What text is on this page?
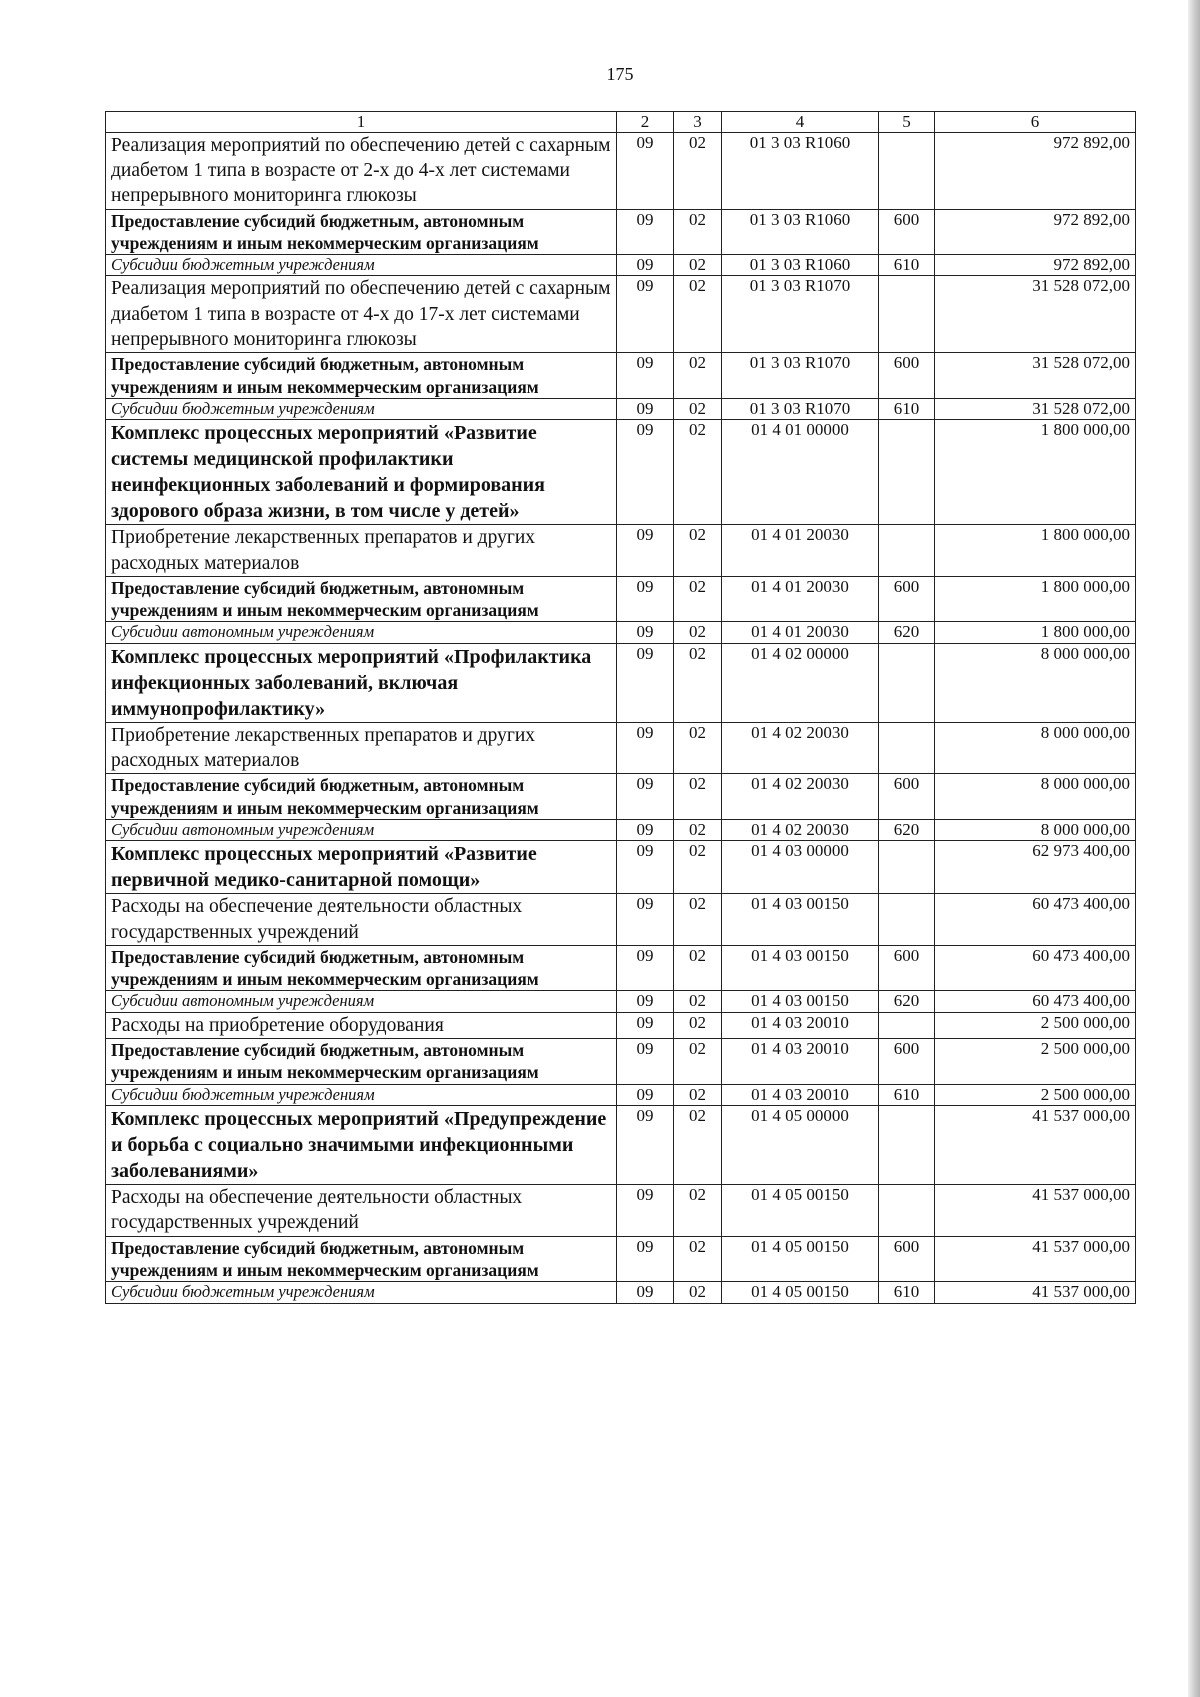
175
1	2	3	4	5	6
Реализация мероприятий по обеспечению детей с сахарным диабетом 1 типа в возрасте от 2-х до 4-х лет системами непрерывного мониторинга глюкозы	09	02	01 3 03 R1060		972 892,00
Предоставление субсидий бюджетным, автономным учреждениям и иным некоммерческим организациям	09	02	01 3 03 R1060	600	972 892,00
Субсидии бюджетным учреждениям	09	02	01 3 03 R1060	610	972 892,00
Реализация мероприятий по обеспечению детей с сахарным диабетом 1 типа в возрасте от 4-х до 17-х лет системами непрерывного мониторинга глюкозы	09	02	01 3 03 R1070		31 528 072,00
Предоставление субсидий бюджетным, автономным учреждениям и иным некоммерческим организациям	09	02	01 3 03 R1070	600	31 528 072,00
Субсидии бюджетным учреждениям	09	02	01 3 03 R1070	610	31 528 072,00
Комплекс процессных мероприятий «Развитие системы медицинской профилактики неинфекционных заболеваний и формирования здорового образа жизни, в том числе у детей»	09	02	01 4 01 00000		1 800 000,00
Приобретение лекарственных препаратов и других расходных материалов	09	02	01 4 01 20030		1 800 000,00
Предоставление субсидий бюджетным, автономным учреждениям и иным некоммерческим организациям	09	02	01 4 01 20030	600	1 800 000,00
Субсидии автономным учреждениям	09	02	01 4 01 20030	620	1 800 000,00
Комплекс процессных мероприятий «Профилактика инфекционных заболеваний, включая иммунопрофилактику»	09	02	01 4 02 00000		8 000 000,00
Приобретение лекарственных препаратов и других расходных материалов	09	02	01 4 02 20030		8 000 000,00
Предоставление субсидий бюджетным, автономным учреждениям и иным некоммерческим организациям	09	02	01 4 02 20030	600	8 000 000,00
Субсидии автономным учреждениям	09	02	01 4 02 20030	620	8 000 000,00
Комплекс процессных мероприятий «Развитие первичной медико-санитарной помощи»	09	02	01 4 03 00000		62 973 400,00
Расходы на обеспечение деятельности областных государственных учреждений	09	02	01 4 03 00150		60 473 400,00
Предоставление субсидий бюджетным, автономным учреждениям и иным некоммерческим организациям	09	02	01 4 03 00150	600	60 473 400,00
Субсидии автономным учреждениям	09	02	01 4 03 00150	620	60 473 400,00
Расходы на приобретение оборудования	09	02	01 4 03 20010		2 500 000,00
Предоставление субсидий бюджетным, автономным учреждениям и иным некоммерческим организациям	09	02	01 4 03 20010	600	2 500 000,00
Субсидии бюджетным учреждениям	09	02	01 4 03 20010	610	2 500 000,00
Комплекс процессных мероприятий «Предупреждение и борьба с социально значимыми инфекционными заболеваниями»	09	02	01 4 05 00000		41 537 000,00
Расходы на обеспечение деятельности областных государственных учреждений	09	02	01 4 05 00150		41 537 000,00
Предоставление субсидий бюджетным, автономным учреждениям и иным некоммерческим организациям	09	02	01 4 05 00150	600	41 537 000,00
Субсидии бюджетным учреждениям	09	02	01 4 05 00150	610	41 537 000,00
